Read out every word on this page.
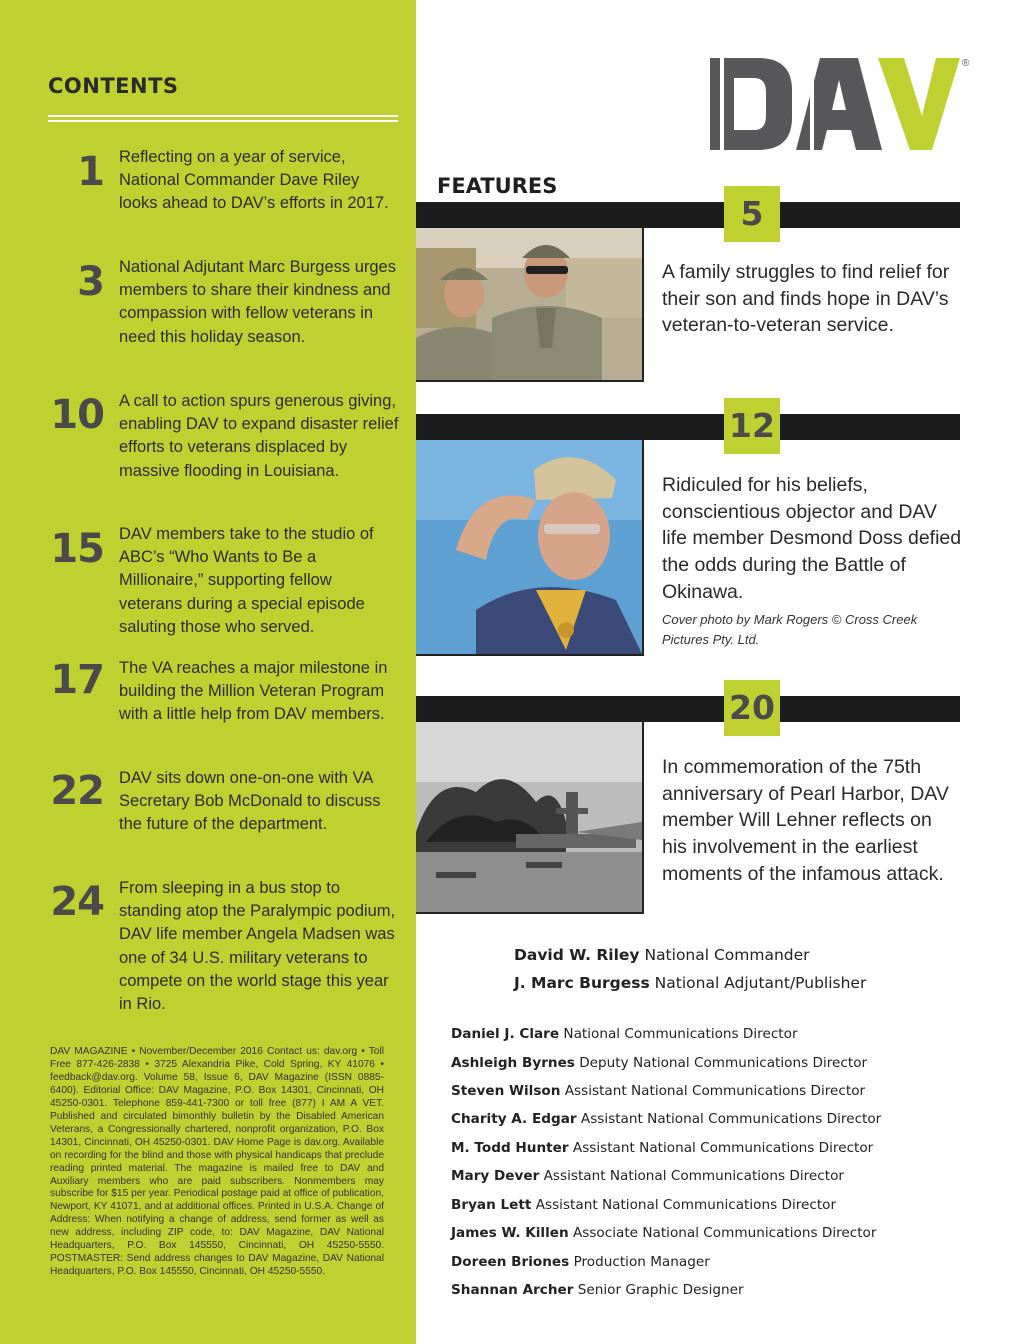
CONTENTS
1 Reflecting on a year of service, National Commander Dave Riley looks ahead to DAV’s efforts in 2017.
3 National Adjutant Marc Burgess urges members to share their kindness and compassion with fellow veterans in need this holiday season.
10 A call to action spurs generous giving, enabling DAV to expand disaster relief efforts to veterans displaced by massive flooding in Louisiana.
15 DAV members take to the studio of ABC’s “Who Wants to Be a Millionaire,” supporting fellow veterans during a special episode saluting those who served.
17 The VA reaches a major milestone in building the Million Veteran Program with a little help from DAV members.
22 DAV sits down one-on-one with VA Secretary Bob McDonald to discuss the future of the department.
24 From sleeping in a bus stop to standing atop the Paralympic podium, DAV life member Angela Madsen was one of 34 U.S. military veterans to compete on the world stage this year in Rio.
DAV MAGAZINE • November/December 2016 Contact us: dav.org • Toll Free 877-426-2838 • 3725 Alexandria Pike, Cold Spring, KY 41076 • feedback@dav.org. Volume 58, Issue 6, DAV Magazine (ISSN 0885-6400). Editorial Office: DAV Magazine, P.O. Box 14301, Cincinnati, OH 45250-0301. Telephone 859-441-7300 or toll free (877) I AM A VET. Published and circulated bimonthly bulletin by the Disabled American Veterans, a Congressionally chartered, nonprofit organization, P.O. Box 14301, Cincinnati, OH 45250-0301. DAV Home Page is dav.org. Available on recording for the blind and those with physical handicaps that preclude reading printed material. The magazine is mailed free to DAV and Auxiliary members who are paid subscribers. Nonmembers may subscribe for $15 per year. Periodical postage paid at office of publication, Newport, KY 41071, and at additional offices. Printed in U.S.A. Change of Address: When notifying a change of address, send former as well as new address, including ZIP code, to: DAV Magazine, DAV National Headquarters, P.O. Box 145550, Cincinnati, OH 45250-5550. POSTMASTER: Send address changes to DAV Magazine, DAV National Headquarters, P.O. Box 145550, Cincinnati, OH 45250-5550.
®
FEATURES
5
A family struggles to find relief for their son and finds hope in DAV’s veteran-to-veteran service.
12
Ridiculed for his beliefs, conscientious objector and DAV life member Desmond Doss defied the odds during the Battle of Okinawa.
Cover photo by Mark Rogers © Cross Creek Pictures Pty. Ltd.
20
In commemoration of the 75th anniversary of Pearl Harbor, DAV member Will Lehner reflects on his involvement in the earliest moments of the infamous attack.
David W. Riley National Commander
J. Marc Burgess National Adjutant/Publisher
Daniel J. Clare National Communications Director
Ashleigh Byrnes Deputy National Communications Director
Steven Wilson Assistant National Communications Director
Charity A. Edgar Assistant National Communications Director
M. Todd Hunter Assistant National Communications Director
Mary Dever Assistant National Communications Director
Bryan Lett Assistant National Communications Director
James W. Killen Associate National Communications Director
Doreen Briones Production Manager
Shannan Archer Senior Graphic Designer
